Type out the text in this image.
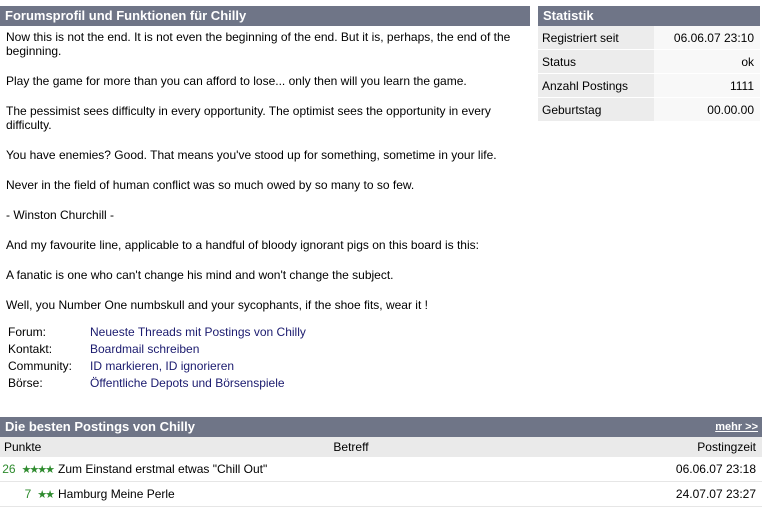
Forumsprofil und Funktionen für Chilly

Now this is not the end. It is not even the beginning of the end. But it is, perhaps, the end of the beginning.

Play the game for more than you can afford to lose... only then will you learn the game.

The pessimist sees difficulty in every opportunity. The optimist sees the opportunity in every difficulty.

You have enemies? Good. That means you've stood up for something, sometime in your life.

Never in the field of human conflict was so much owed by so many to so few.

- Winston Churchill -

And my favourite line, applicable to a handful of bloody ignorant pigs on this board is this:

A fanatic is one who can't change his mind and won't change the subject.

Well, you Number One numbskull and your sycophants, if the shoe fits, wear it !

Forum:	Neueste Threads mit Postings von Chilly
Kontakt:	Boardmail schreiben
Community:	ID markieren, ID ignorieren
Börse:	Öffentliche Depots und Börsenspiele
Statistik
Registriert seit	06.06.07 23:10
Status	ok
Anzahl Postings	1111
Geburtstag	00.00.00
Die besten Postings von Chilly	mehr >>
Punkte	Betreff	Postingzeit
26 ★★★★	Zum Einstand erstmal etwas "Chill Out"	06.06.07 23:18
7 ★★	Hamburg Meine Perle	24.07.07 23:27
